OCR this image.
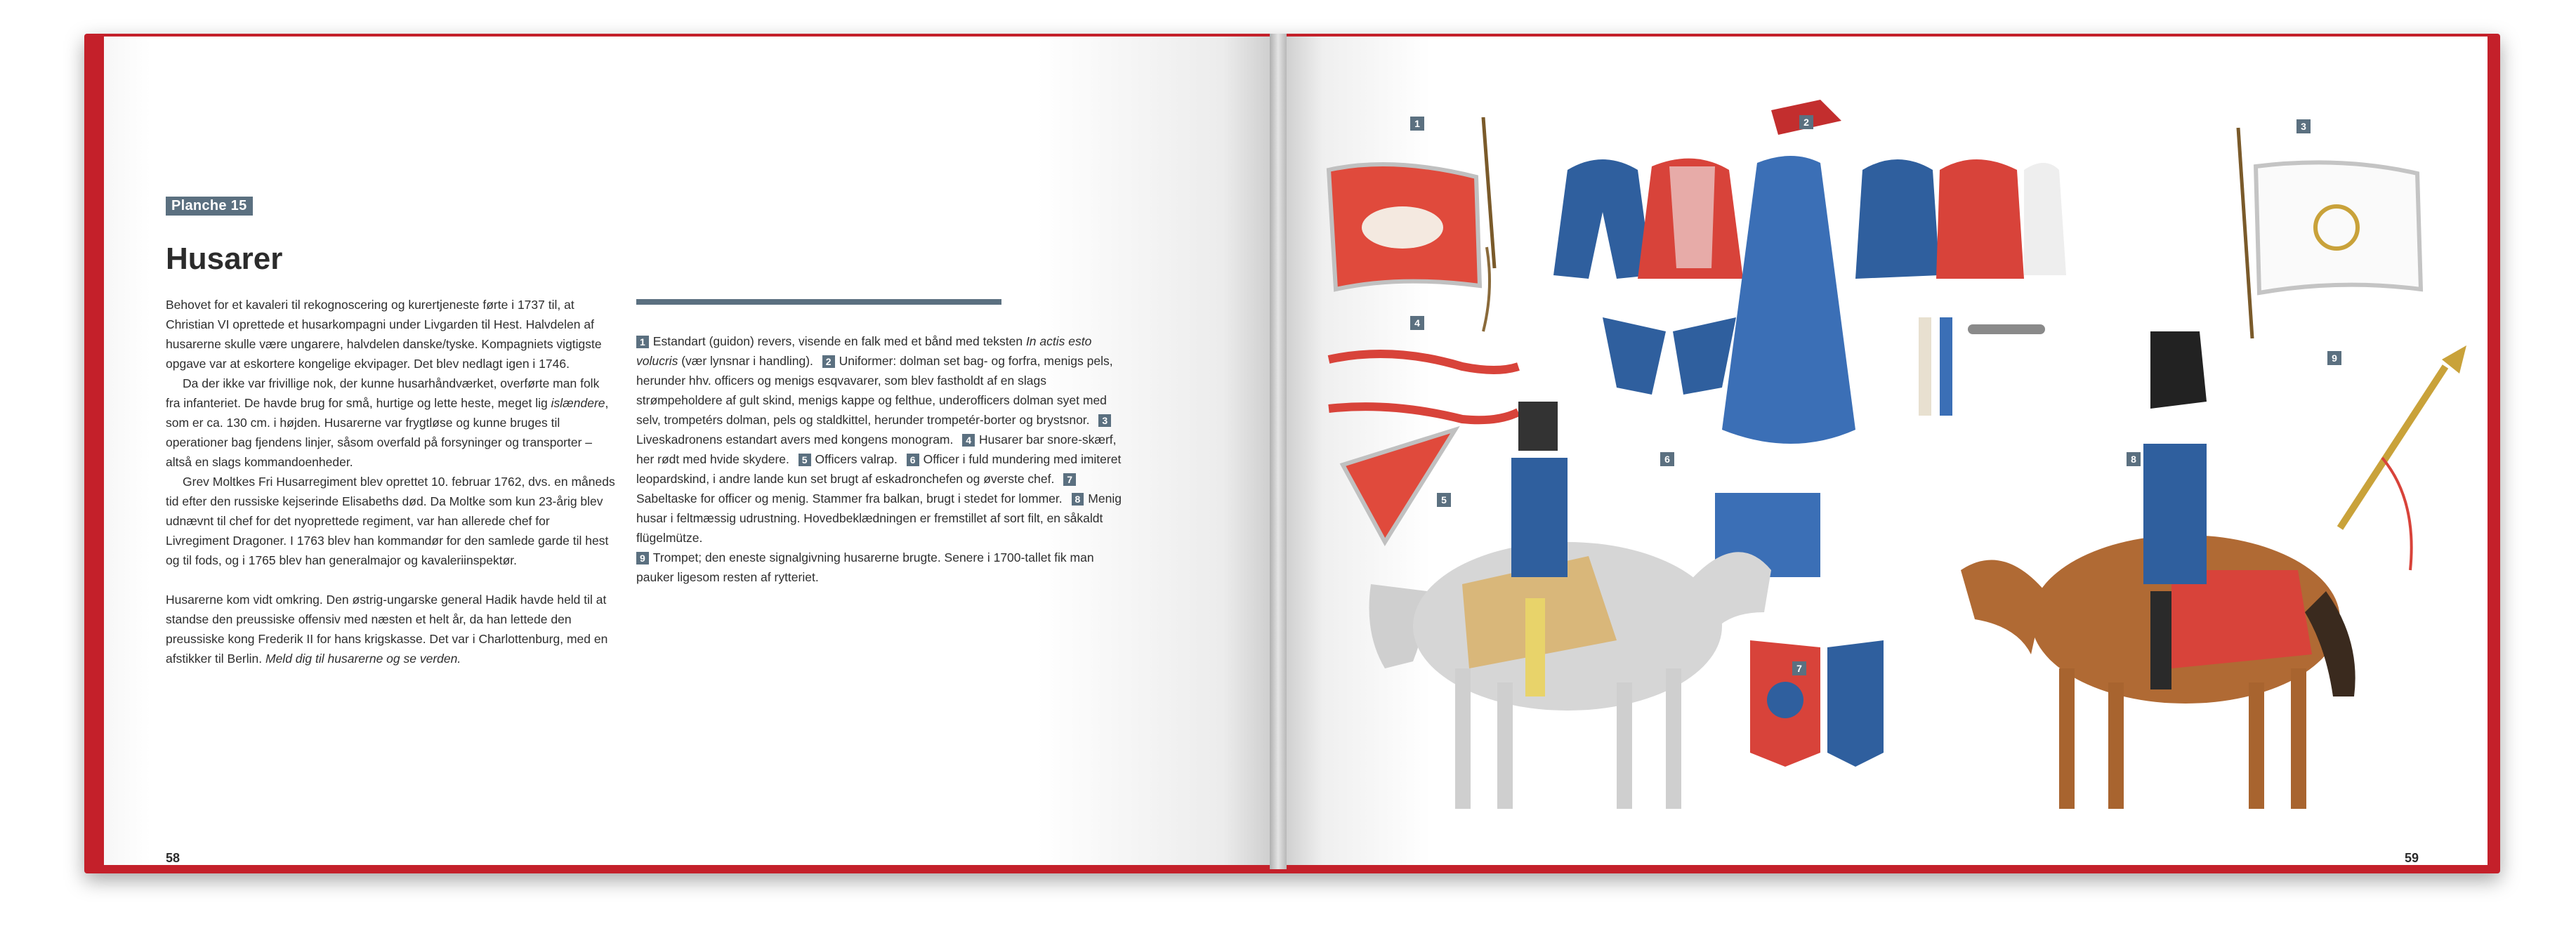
Planche 15
Husarer

Behovet for et kavaleri til rekognoscering og kurertjeneste førte i 1737 til, at Christian VI oprettede et husarkompagni under Livgarden til Hest. Halvdelen af husarerne skulle være ungarere, halvdelen danske/tyske. Kompagniets vigtigste opgave var at eskortere kongelige ekvipager. Det blev nedlagt igen i 1746.

Da der ikke var frivillige nok, der kunne husarhåndværket, overførte man folk fra infanteriet. De havde brug for små, hurtige og lette heste, meget lig islændere, som er ca. 130 cm. i højden. Husarerne var frygtløse og kunne bruges til operationer bag fjendens linjer, såsom overfald på forsyninger og transporter – altså en slags kommandoenheder.

Grev Moltkes Fri Husarregiment blev oprettet 10. februar 1762, dvs. en måneds tid efter den russiske kejserinde Elisabeths død. Da Moltke som kun 23-årig blev udnævnt til chef for det nyoprettede regiment, var han allerede chef for Livregiment Dragoner. I 1763 blev han kommandør for den samlede garde til hest og til fods, og i 1765 blev han generalmajor og kavaleriinspektør.

Husarerne kom vidt omkring. Den østrig-ungarske general Hadik havde held til at standse den preussiske offensiv med næsten et helt år, da han lettede den preussiske kong Frederik II for hans krigskasse. Det var i Charlottenburg, med en afstikker til Berlin. Meld dig til husarerne og se verden.

1 Estandart (guidon) revers, visende en falk med et bånd med teksten In actis esto volucris (vær lynsnar i handling). 2 Uniformer: dolman set bag- og forfra, menigs pels, herunder hhv. officers og menigs esqvavarer, som blev fastholdt af en slags strømpeholdere af gult skind, menigs kappe og felthue, underofficers dolman syet med selv, trompetérs dolman, pels og staldkittel, herunder trompetér-borter og brystsnor. 3Liveskadronens estandart avers med kongens monogram. 4 Husarer bar snore-skærf, her rødt med hvide skydere. 5 Officers valrap. 6 Officer i fuld mundering med imiteret leopardskind, i andre lande kun set brugt af eskadronchefen og øverste chef. 7Sabeltaske for officer og menig. Stammer fra balkan, brugt i stedet for lommer. 8 Menig husar i feltmæssig udrustning. Hovedbeklædningen er fremstillet af sort filt, en såkaldt flügelmütze.
9 Trompet; den eneste signalgivning husarerne brugte. Senere i 1700-tallet fik man pauker ligesom resten af rytteriet.

58
1	2	3
4
5
6
7
8
9
59
